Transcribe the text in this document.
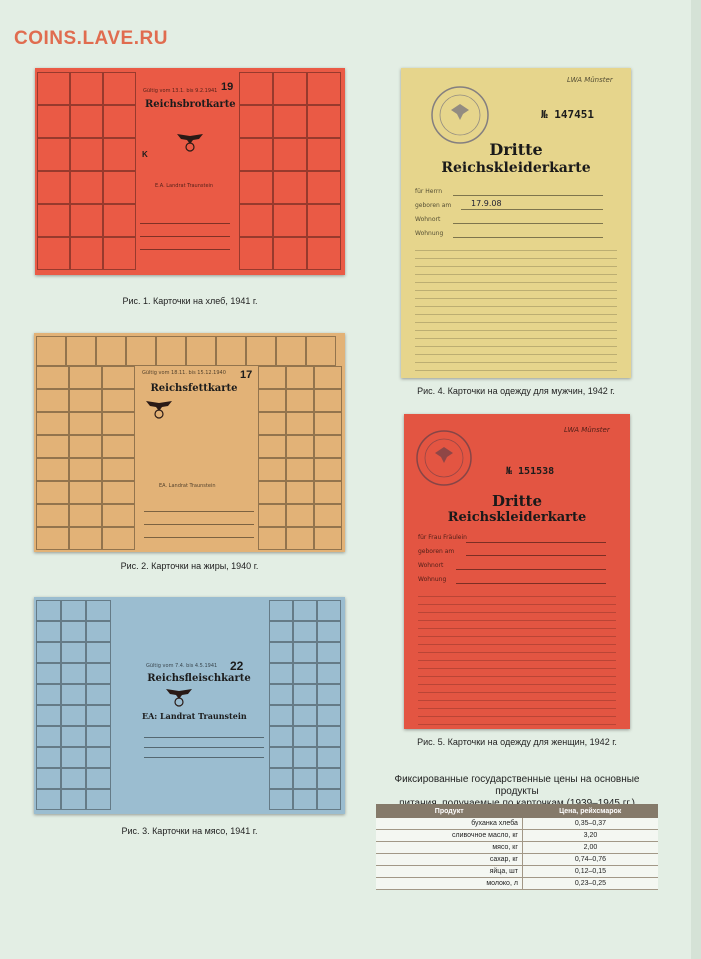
COINS.LAVE.RU
Gültig vom 13.1. bis 9.2.1941 19
Reichsbrotkarte
K
E.A. Landrat Traunstein
Рис. 1. Карточки на хлеб, 1941 г.
Gültig vom 18.11. bis 15.12.1940 17
Reichsfettkarte
EA. Landrat Traunstein
Рис. 2. Карточки на жиры, 1940 г.
Gültig vom 7.4. bis 4.5.1941 22
Reichsfleischkarte
EA: Landrat Traunstein
Рис. 3. Карточки на мясо, 1941 г.
LWA Münster
№ 147451
Dritte
Reichskleiderkarte
für Herrn
geboren am 17.9.08
Wohnort
Wohnung
Рис. 4. Карточки на одежду для мужчин, 1942 г.
LWA Münster
№ 151538
Dritte
Reichskleiderkarte
für Frau Fräulein
geboren am
Wohnort
Wohnung
Рис. 5. Карточки на одежду для женщин, 1942 г.
Фиксированные государственные цены на основные продукты
Продукт	Цена, рейхсмарок
буханка хлеба	0,35–0,37
сливочное масло, кг	3,20
мясо, кг	2,00
сахар, кг	0,74–0,76
яйца, шт	0,12–0,15
молоко, л	0,23–0,25
